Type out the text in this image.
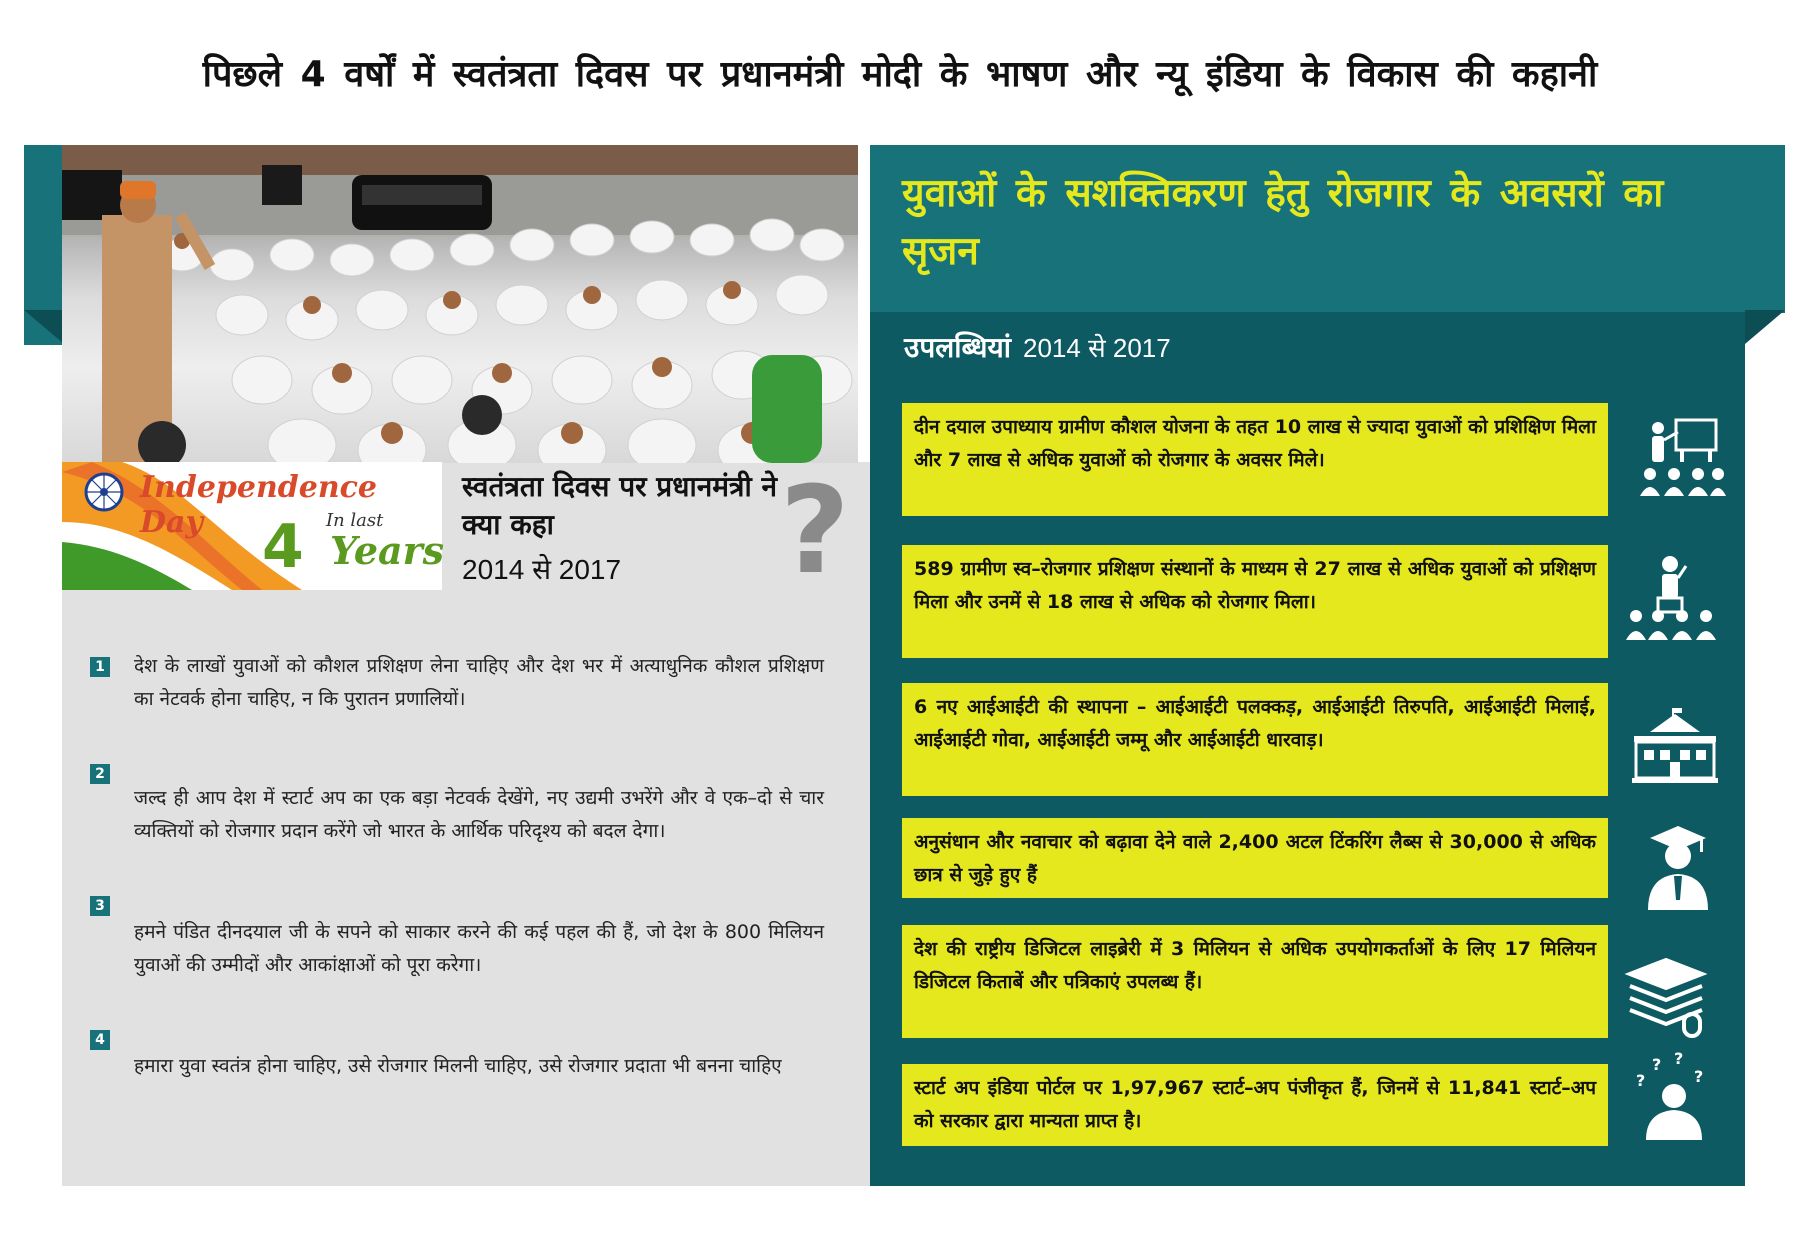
पिछले 4 वर्षों में स्वतंत्रता दिवस पर प्रधानमंत्री मोदी के भाषण और न्यू इंडिया के विकास की कहानी
Independence Day 4 In last
Years
स्वतंत्रता दिवस पर प्रधानमंत्री ने क्या कहा
2014 से 2017 ?
1 देश के लाखों युवाओं को कौशल प्रशिक्षण लेना चाहिए और देश भर में अत्याधुनिक कौशल प्रशिक्षण का नेटवर्क होना चाहिए, न कि पुरातन प्रणालियों।
2
जल्द ही आप देश में स्टार्ट अप का एक बड़ा नेटवर्क देखेंगे, नए उद्यमी उभरेंगे और वे एक–दो से चार व्यक्तियों को रोजगार प्रदान करेंगे जो भारत के आर्थिक परिदृश्य को बदल देगा।
3
हमने पंडित दीनदयाल जी के सपने को साकार करने की कई पहल की हैं, जो देश के 800 मिलियन युवाओं की उम्मीदों और आकांक्षाओं को पूरा करेगा।
4
हमारा युवा स्वतंत्र होना चाहिए, उसे रोजगार मिलनी चाहिए, उसे रोजगार प्रदाता भी बनना चाहिए
युवाओं के सशक्तिकरण हेतु रोजगार के अवसरों का सृजन
उपलब्धियां 2014 से 2017
दीन दयाल उपाध्याय ग्रामीण कौशल योजना के तहत 10 लाख से ज्यादा युवाओं को प्रशिक्षिण मिला और 7 लाख से अधिक युवाओं को रोजगार के अवसर मिले।
589 ग्रामीण स्व–रोजगार प्रशिक्षण संस्थानों के माध्यम से 27 लाख से अधिक युवाओं को प्रशिक्षण मिला और उनमें से 18 लाख से अधिक को रोजगार मिला।
6 नए आईआईटी की स्थापना – आईआईटी पलक्कड़, आईआईटी तिरुपति, आईआईटी मिलाई, आईआईटी गोवा, आईआईटी जम्मू और आईआईटी धारवाड़।
अनुसंधान और नवाचार को बढ़ावा देने वाले 2,400 अटल टिंकरिंग लैब्स से 30,000 से अधिक छात्र से जुड़े हुए हैं
देश की राष्ट्रीय डिजिटल लाइब्रेरी में 3 मिलियन से अधिक उपयोगकर्ताओं के लिए 17 मिलियन डिजिटल किताबें और पत्रिकाएं उपलब्ध हैं।
स्टार्ट अप इंडिया पोर्टल पर 1,97,967 स्टार्ट–अप पंजीकृत हैं, जिनमें से 11,841 स्टार्ट–अप को सरकार द्वारा मान्यता प्राप्त है।
? ?
?	?
